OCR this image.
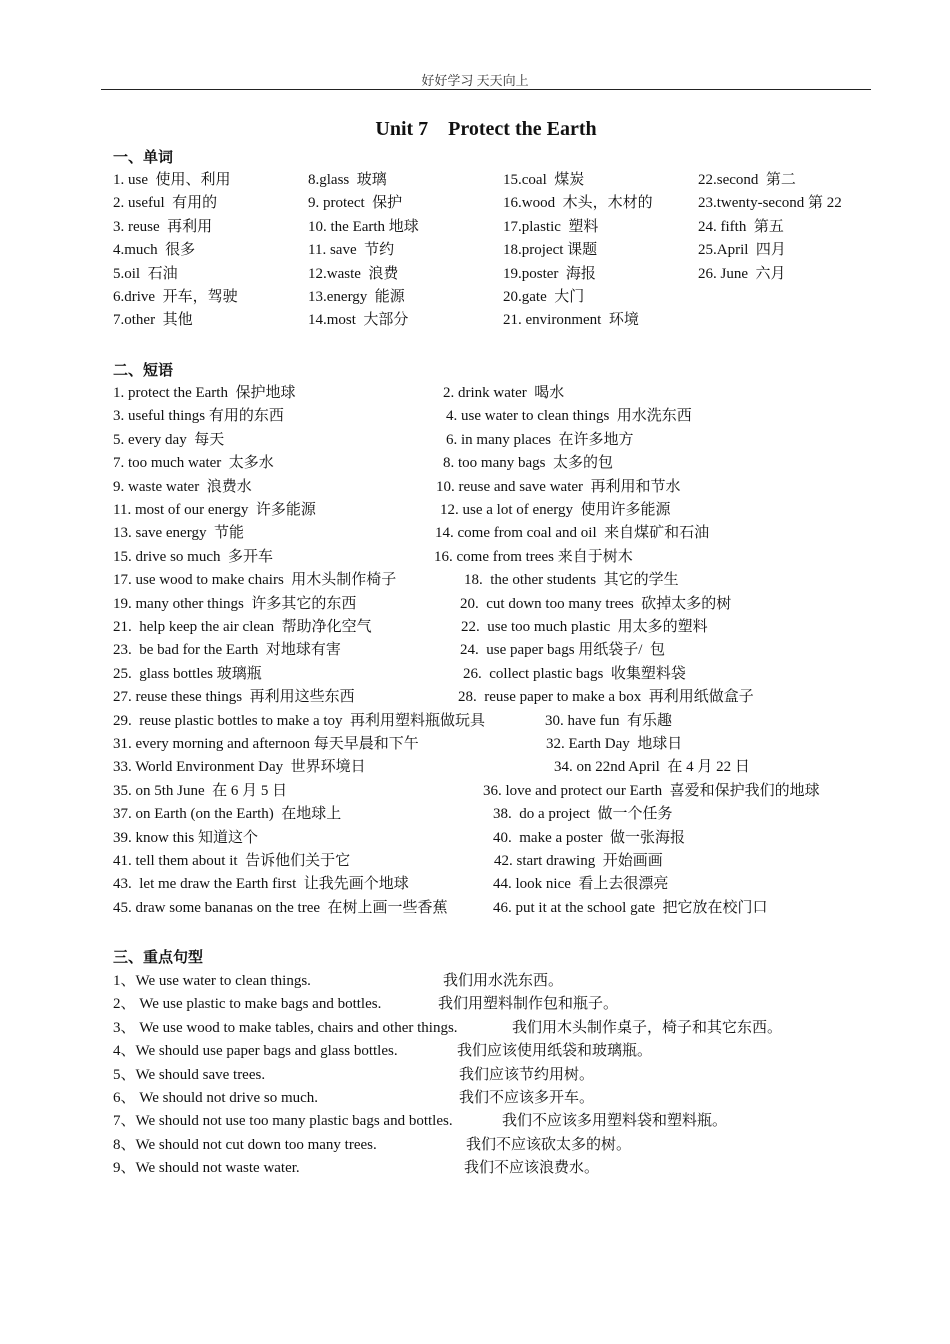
好好学习 天天向上
Unit 7    Protect the Earth
一、单词
1. use  使用、利用
2. useful  有用的
3. reuse  再利用
4.much  很多
5.oil  石油
6.drive  开车，驾驶
7.other  其他
8.glass  玻璃
9. protect  保护
10. the Earth 地球
11. save  节约
12.waste  浪费
13.energy  能源
14.most  大部分
15.coal  煤炭
16.wood  木头，木材的
17.plastic  塑料
18.project 课题
19.poster  海报
20.gate  大门
21. environment  环境
22.second  第二
23.twenty-second 第 22
24. fifth  第五
25.April  四月
26. June  六月
二、短语
1. protect the Earth  保护地球	2. drink water  喝水
3. useful things 有用的东西	4. use water to clean things  用水洗东西
5. every day  每天	6. in many places  在许多地方
7. too much water  太多水	8. too many bags  太多的包
9. waste water  浪费水	10. reuse and save water  再利用和节水
11. most of our energy  许多能源	12. use a lot of energy  使用许多能源
13. save energy  节能	14. come from coal and oil  来自煤矿和石油
15. drive so much  多开车	16. come from trees 来自于树木
17. use wood to make chairs  用木头制作椅子	18.  the other students  其它的学生
19. many other things  许多其它的东西	20.  cut down too many trees  砍掉太多的树
21.  help keep the air clean  帮助净化空气	22.  use too much plastic  用太多的塑料
23.  be bad for the Earth  对地球有害	24.  use paper bags 用纸袋子/  包
25.  glass bottles 玻璃瓶	26.  collect plastic bags  收集塑料袋
27. reuse these things  再利用这些东西	28.  reuse paper to make a box  再利用纸做盒子
29.  reuse plastic bottles to make a toy  再利用塑料瓶做玩具	30. have fun  有乐趣
31. every morning and afternoon 每天早晨和下午	32. Earth Day  地球日
33. World Environment Day  世界环境日	34. on 22nd April  在 4 月 22 日
35. on 5th June  在 6 月 5 日	36. love and protect our Earth  喜爱和保护我们的地球
37. on Earth (on the Earth)  在地球上	38.  do a project  做一个任务
39. know this 知道这个	40.  make a poster  做一张海报
41. tell them about it  告诉他们关于它	42. start drawing  开始画画
43.  let me draw the Earth first  让我先画个地球	44. look nice  看上去很漂亮
45. draw some bananas on the tree  在树上画一些香蕉	46. put it at the school gate  把它放在校门口
三、重点句型
1、We use water to clean things.	我们用水洗东西。
2、 We use plastic to make bags and bottles.	我们用塑料制作包和瓶子。
3、 We use wood to make tables, chairs and other things.	我们用木头制作桌子，椅子和其它东西。
4、We should use paper bags and glass bottles.	我们应该使用纸袋和玻璃瓶。
5、We should save trees.	我们应该节约用树。
6、 We should not drive so much.	我们不应该多开车。
7、We should not use too many plastic bags and bottles.	我们不应该多用塑料袋和塑料瓶。
8、We should not cut down too many trees.	我们不应该砍太多的树。
9、We should not waste water.	我们不应该浪费水。
